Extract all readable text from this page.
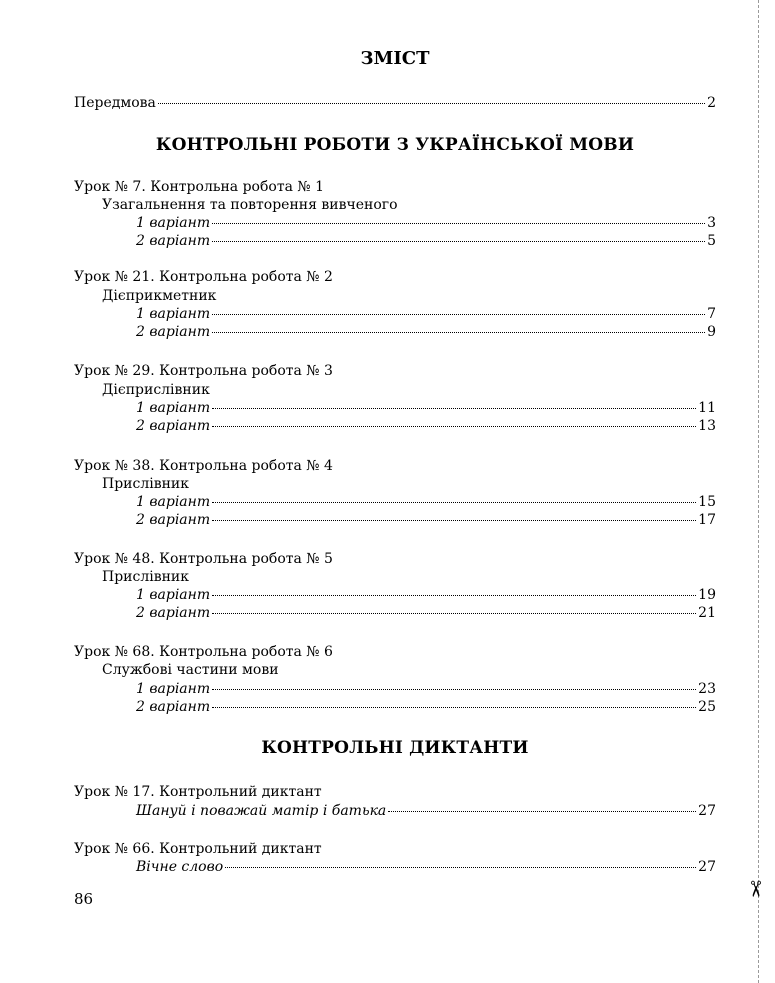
✂
ЗМІСТ
Передмова	2
КОНТРОЛЬНІ РОБОТИ З УКРАЇНСЬКОЇ МОВИ
Урок № 7. Контрольна робота № 1
Узагальнення та повторення вивченого
1 варіант	3
2 варіант	5
Урок № 21. Контрольна робота № 2
Дієприкметник
1 варіант	7
2 варіант	9
Урок № 29. Контрольна робота № 3
Дієприслівник
1 варіант	11
2 варіант	13
Урок № 38. Контрольна робота № 4
Прислівник
1 варіант	15
2 варіант	17
Урок № 48. Контрольна робота № 5
Прислівник
1 варіант	19
2 варіант	21
Урок № 68. Контрольна робота № 6
Службові частини мови
1 варіант	23
2 варіант	25
КОНТРОЛЬНІ ДИКТАНТИ
Урок № 17. Контрольний диктант
Шануй і поважай матір і батька	27
Урок № 66. Контрольний диктант
Вічне слово	27
86
